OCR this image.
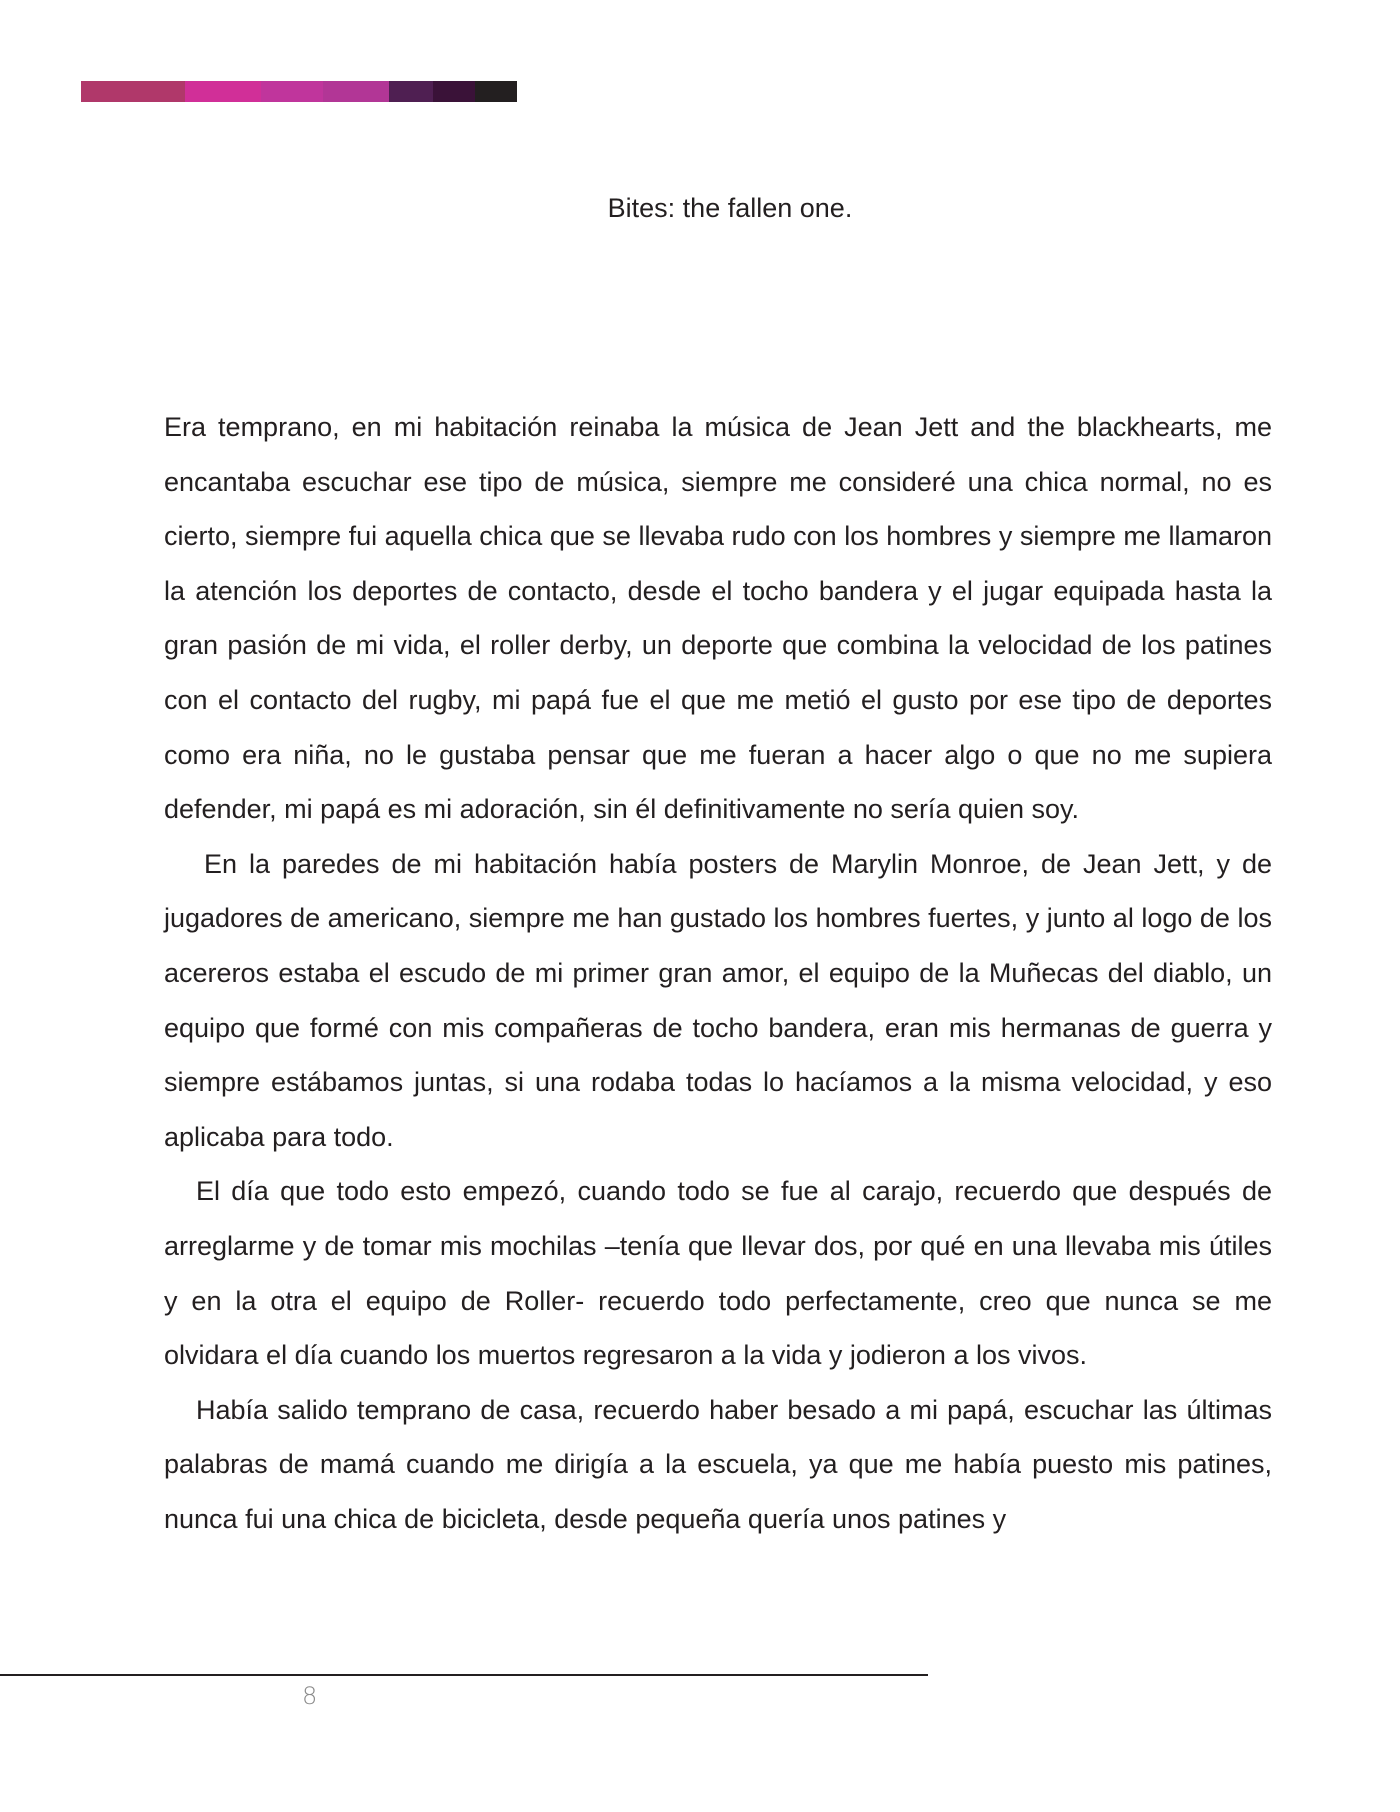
Bites: the fallen one.

Era temprano, en mi habitación reinaba la música de Jean Jett and the blackhearts, me encantaba escuchar ese tipo de música, siempre me consideré una chica normal, no es cierto, siempre fui aquella chica que se llevaba rudo con los hombres y siempre me llamaron la atención los deportes de contacto, desde el tocho bandera y el jugar equipada hasta la gran pasión de mi vida, el roller derby, un deporte que combina la velocidad de los patines con el contacto del rugby, mi papá fue el que me metió el gusto por ese tipo de deportes como era niña, no le gustaba pensar que me fueran a hacer algo o que no me supiera defender, mi papá es mi adoración, sin él definitivamente no sería quien soy.

En la paredes de mi habitación había posters de Marylin Monroe, de Jean Jett, y de jugadores de americano, siempre me han gustado los hombres fuertes, y junto al logo de los acereros estaba el escudo de mi primer gran amor, el equipo de la Muñecas del diablo, un equipo que formé con mis compañeras de tocho bandera, eran mis hermanas de guerra y siempre estábamos juntas, si una rodaba todas lo hacíamos a la misma velocidad, y eso aplicaba para todo.

El día que todo esto empezó, cuando todo se fue al carajo, recuerdo que después de arreglarme y de tomar mis mochilas –tenía que llevar dos, por qué en una llevaba mis útiles y en la otra el equipo de Roller- recuerdo todo perfectamente, creo que nunca se me olvidara el día cuando los muertos regresaron a la vida y jodieron a los vivos.

Había salido temprano de casa, recuerdo haber besado a mi papá, escuchar las últimas palabras de mamá cuando me dirigía a la escuela, ya que me había puesto mis patines, nunca fui una chica de bicicleta, desde pequeña quería unos patines y

8
